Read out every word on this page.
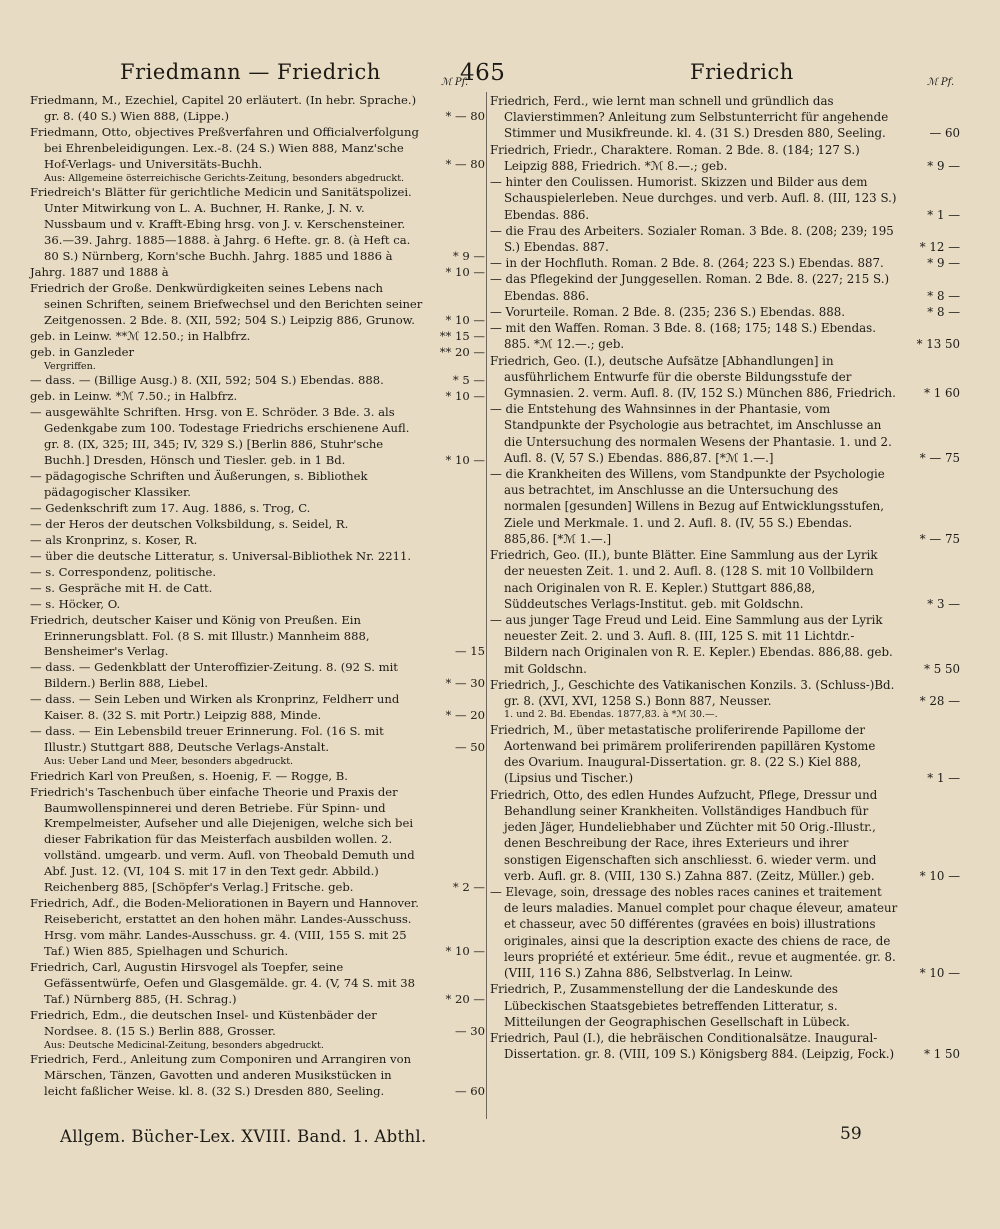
Friedmann — Friedrich	465	Friedrich
ℳ Pf.	ℳ Pf.
Friedmann, M., Ezechiel, Capitel 20 erläutert. (In hebr. Sprache.) gr. 8. (40 S.) Wien 888, (Lippe.)	* — 80
Friedmann, Otto, objectives Preßverfahren und Officialverfolgung bei Ehrenbeleidigungen. Lex.-8. (24 S.) Wien 888, Manz'sche Hof-Verlags- und Universitäts-Buchh.	* — 80
Aus: Allgemeine österreichische Gerichts-Zeitung, besonders abgedruckt.
Friedreich's Blätter für gerichtliche Medicin und Sanitätspolizei. Unter Mitwirkung von L. A. Buchner, H. Ranke, J. N. v. Nussbaum und v. Krafft-Ebing hrsg. von J. v. Kerschensteiner. 36.—39. Jahrg. 1885—1888. à Jahrg. 6 Hefte. gr. 8. (à Heft ca. 80 S.) Nürnberg, Korn'sche Buchh. Jahrg. 1885 und 1886 à	* 9 —
Jahrg. 1887 und 1888 à	* 10 —
Friedrich der Große. Denkwürdigkeiten seines Lebens nach seinen Schriften, seinem Briefwechsel und den Berichten seiner Zeitgenossen. 2 Bde. 8. (XII, 592; 504 S.) Leipzig 886, Grunow.	* 10 —
geb. in Leinw. **ℳ 12.50.; in Halbfrz.	** 15 —
geb. in Ganzleder	** 20 —
Vergriffen.
— dass. — (Billige Ausg.) 8. (XII, 592; 504 S.) Ebendas. 888.	* 5 —
geb. in Leinw. *ℳ 7.50.; in Halbfrz.	* 10 —
— ausgewählte Schriften. Hrsg. von E. Schröder. 3 Bde. 3. als Gedenkgabe zum 100. Todestage Friedrichs erschienene Aufl. gr. 8. (IX, 325; III, 345; IV, 329 S.) [Berlin 886, Stuhr'sche Buchh.] Dresden, Hönsch und Tiesler. geb. in 1 Bd.	* 10 —
— pädagogische Schriften und Äußerungen, s. Bibliothek pädagogischer Klassiker.
— Gedenkschrift zum 17. Aug. 1886, s. Trog, C.
— der Heros der deutschen Volksbildung, s. Seidel, R.
— als Kronprinz, s. Koser, R.
— über die deutsche Litteratur, s. Universal-Bibliothek Nr. 2211.
— s. Correspondenz, politische.
— s. Gespräche mit H. de Catt.
— s. Höcker, O.
Friedrich, deutscher Kaiser und König von Preußen. Ein Erinnerungsblatt. Fol. (8 S. mit Illustr.) Mannheim 888, Bensheimer's Verlag.	— 15
— dass. — Gedenkblatt der Unteroffizier-Zeitung. 8. (92 S. mit Bildern.) Berlin 888, Liebel.	* — 30
— dass. — Sein Leben und Wirken als Kronprinz, Feldherr und Kaiser. 8. (32 S. mit Portr.) Leipzig 888, Minde.	* — 20
— dass. — Ein Lebensbild treuer Erinnerung. Fol. (16 S. mit Illustr.) Stuttgart 888, Deutsche Verlags-Anstalt.	— 50
Aus: Ueber Land und Meer, besonders abgedruckt.
Friedrich Karl von Preußen, s. Hoenig, F. — Rogge, B.
Friedrich's Taschenbuch über einfache Theorie und Praxis der Baumwollenspinnerei und deren Betriebe. Für Spinn- und Krempelmeister, Aufseher und alle Diejenigen, welche sich bei dieser Fabrikation für das Meisterfach ausbilden wollen. 2. vollständ. umgearb. und verm. Aufl. von Theobald Demuth und Abf. Just. 12. (VI, 104 S. mit 17 in den Text gedr. Abbild.) Reichenberg 885, [Schöpfer's Verlag.] Fritsche. geb.	* 2 —
Friedrich, Adf., die Boden-Meliorationen in Bayern und Hannover. Reisebericht, erstattet an den hohen mähr. Landes-Ausschuss. Hrsg. vom mähr. Landes-Ausschuss. gr. 4. (VIII, 155 S. mit 25 Taf.) Wien 885, Spielhagen und Schurich.	* 10 —
Friedrich, Carl, Augustin Hirsvogel als Toepfer, seine Gefässentwürfe, Oefen und Glasgemälde. gr. 4. (V, 74 S. mit 38 Taf.) Nürnberg 885, (H. Schrag.)	* 20 —
Friedrich, Edm., die deutschen Insel- und Küstenbäder der Nordsee. 8. (15 S.) Berlin 888, Grosser.	— 30
Aus: Deutsche Medicinal-Zeitung, besonders abgedruckt.
Friedrich, Ferd., Anleitung zum Componiren und Arrangiren von Märschen, Tänzen, Gavotten und anderen Musikstücken in leicht faßlicher Weise. kl. 8. (32 S.) Dresden 880, Seeling.	— 60
Friedrich, Ferd., wie lernt man schnell und gründlich das Clavierstimmen? Anleitung zum Selbstunterricht für angehende Stimmer und Musikfreunde. kl. 4. (31 S.) Dresden 880, Seeling.	— 60
Friedrich, Friedr., Charaktere. Roman. 2 Bde. 8. (184; 127 S.) Leipzig 888, Friedrich. *ℳ 8.—.; geb.	* 9 —
— hinter den Coulissen. Humorist. Skizzen und Bilder aus dem Schauspielerleben. Neue durchges. und verb. Aufl. 8. (III, 123 S.) Ebendas. 886.	* 1 —
— die Frau des Arbeiters. Sozialer Roman. 3 Bde. 8. (208; 239; 195 S.) Ebendas. 887.	* 12 —
— in der Hochfluth. Roman. 2 Bde. 8. (264; 223 S.) Ebendas. 887.	* 9 —
— das Pflegekind der Junggesellen. Roman. 2 Bde. 8. (227; 215 S.) Ebendas. 886.	* 8 —
— Vorurteile. Roman. 2 Bde. 8. (235; 236 S.) Ebendas. 888.	* 8 —
— mit den Waffen. Roman. 3 Bde. 8. (168; 175; 148 S.) Ebendas. 885. *ℳ 12.—.; geb.	* 13 50
Friedrich, Geo. (I.), deutsche Aufsätze [Abhandlungen] in ausführlichem Entwurfe für die oberste Bildungsstufe der Gymnasien. 2. verm. Aufl. 8. (IV, 152 S.) München 886, Friedrich.	* 1 60
— die Entstehung des Wahnsinnes in der Phantasie, vom Standpunkte der Psychologie aus betrachtet, im Anschlusse an die Untersuchung des normalen Wesens der Phantasie. 1. und 2. Aufl. 8. (V, 57 S.) Ebendas. 886,87. [*ℳ 1.—.]	* — 75
— die Krankheiten des Willens, vom Standpunkte der Psychologie aus betrachtet, im Anschlusse an die Untersuchung des normalen [gesunden] Willens in Bezug auf Entwicklungsstufen, Ziele und Merkmale. 1. und 2. Aufl. 8. (IV, 55 S.) Ebendas. 885,86. [*ℳ 1.—.]	* — 75
Friedrich, Geo. (II.), bunte Blätter. Eine Sammlung aus der Lyrik der neuesten Zeit. 1. und 2. Aufl. 8. (128 S. mit 10 Vollbildern nach Originalen von R. E. Kepler.) Stuttgart 886,88, Süddeutsches Verlags-Institut. geb. mit Goldschn.	* 3 —
— aus junger Tage Freud und Leid. Eine Sammlung aus der Lyrik neuester Zeit. 2. und 3. Aufl. 8. (III, 125 S. mit 11 Lichtdr.-Bildern nach Originalen von R. E. Kepler.) Ebendas. 886,88. geb. mit Goldschn.	* 5 50
Friedrich, J., Geschichte des Vatikanischen Konzils. 3. (Schluss-)Bd. gr. 8. (XVI, XVI, 1258 S.) Bonn 887, Neusser.	* 28 —
1. und 2. Bd. Ebendas. 1877,83. à *ℳ 30.—.
Friedrich, M., über metastatische proliferirende Papillome der Aortenwand bei primärem proliferirenden papillären Kystome des Ovarium. Inaugural-Dissertation. gr. 8. (22 S.) Kiel 888, (Lipsius und Tischer.)	* 1 —
Friedrich, Otto, des edlen Hundes Aufzucht, Pflege, Dressur und Behandlung seiner Krankheiten. Vollständiges Handbuch für jeden Jäger, Hundeliebhaber und Züchter mit 50 Orig.-Illustr., denen Beschreibung der Race, ihres Exterieurs und ihrer sonstigen Eigenschaften sich anschliesst. 6. wieder verm. und verb. Aufl. gr. 8. (VIII, 130 S.) Zahna 887. (Zeitz, Müller.) geb.	* 10 —
— Elevage, soin, dressage des nobles races canines et traitement de leurs maladies. Manuel complet pour chaque éleveur, amateur et chasseur, avec 50 différentes (gravées en bois) illustrations originales, ainsi que la description exacte des chiens de race, de leurs propriété et extérieur. 5me édit., revue et augmentée. gr. 8. (VIII, 116 S.) Zahna 886, Selbstverlag. In Leinw.	* 10 —
Friedrich, P., Zusammenstellung der die Landeskunde des Lübeckischen Staatsgebietes betreffenden Litteratur, s. Mitteilungen der Geographischen Gesellschaft in Lübeck.
Friedrich, Paul (I.), die hebräischen Conditionalsätze. Inaugural-Dissertation. gr. 8. (VIII, 109 S.) Königsberg 884. (Leipzig, Fock.)	* 1 50
Allgem. Bücher-Lex. XVIII. Band. 1. Abthl.	59
